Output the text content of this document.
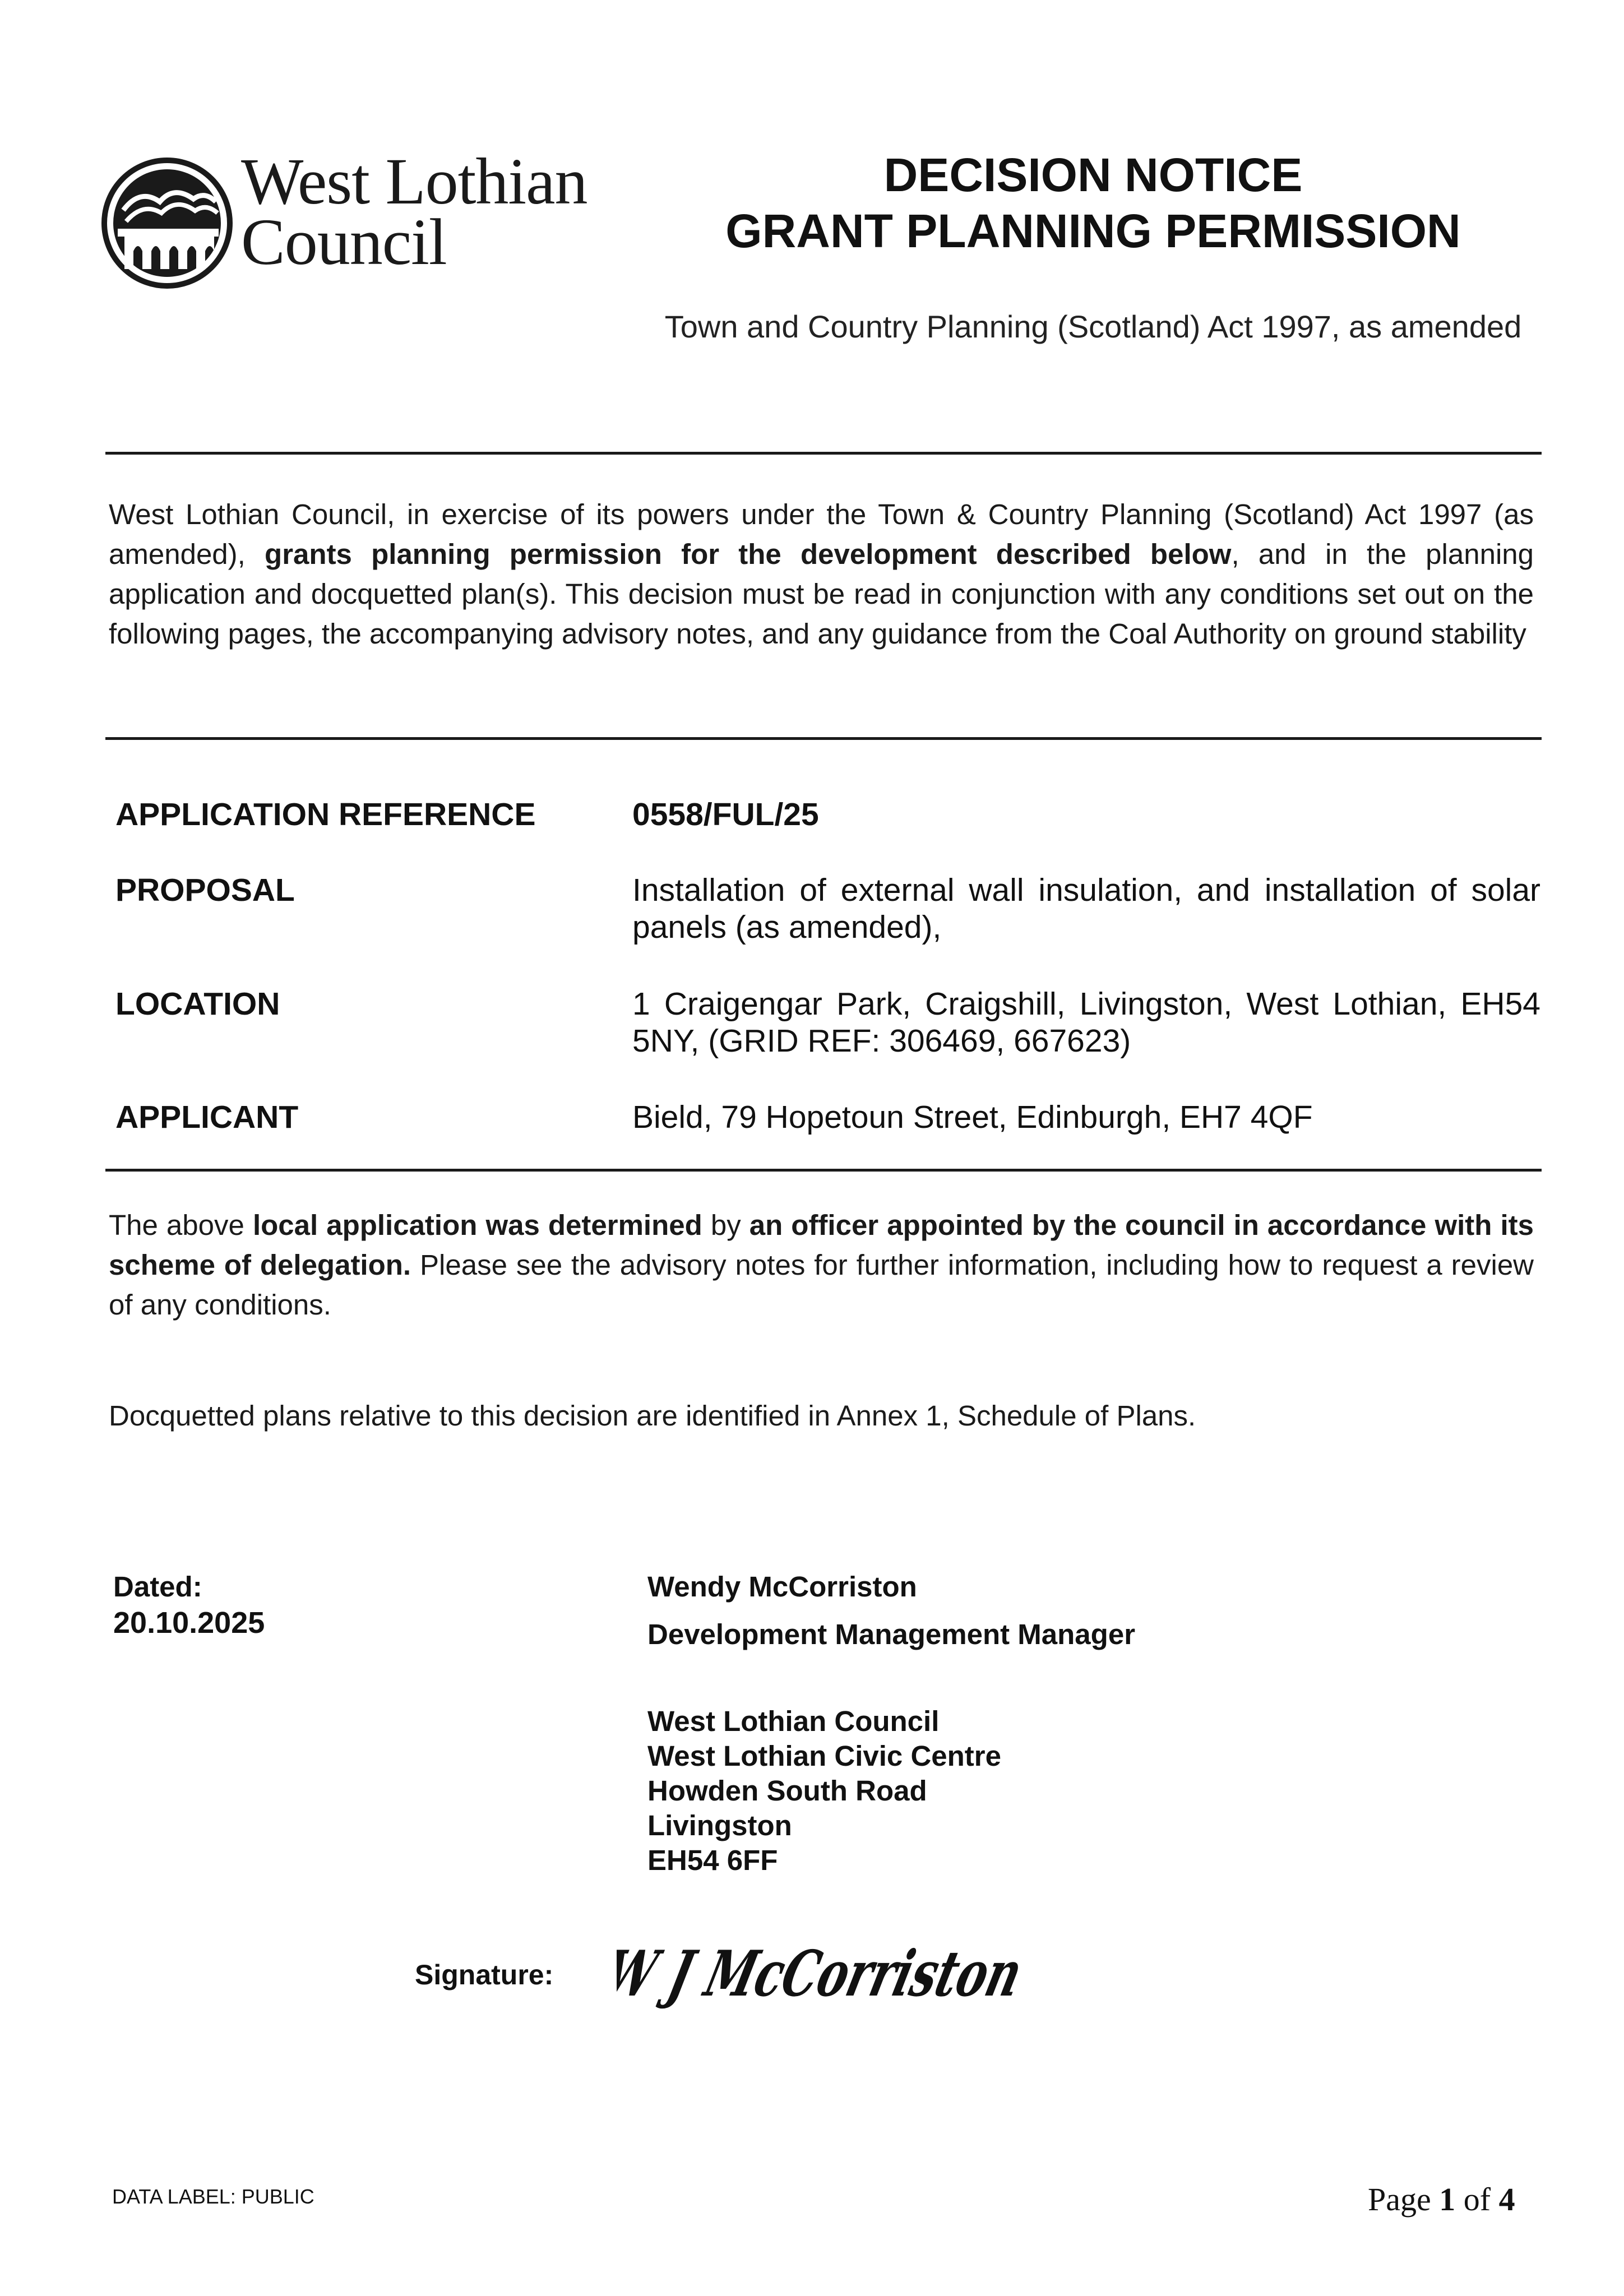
West Lothian
Council
DECISION NOTICE
GRANT PLANNING PERMISSION
Town and Country Planning (Scotland) Act 1997, as amended
West Lothian Council, in exercise of its powers under the Town & Country Planning (Scotland) Act 1997 (as amended), grants planning permission for the development described below, and in the planning application and docquetted plan(s). This decision must be read in conjunction with any conditions set out on the following pages, the accompanying advisory notes, and any guidance from the Coal Authority on ground stability
APPLICATION REFERENCE	0558/FUL/25
PROPOSAL	Installation of external wall insulation, and installation of solar panels (as amended),
LOCATION	1 Craigengar Park, Craigshill, Livingston, West Lothian, EH54 5NY, (GRID REF: 306469, 667623)
APPLICANT	Bield, 79 Hopetoun Street, Edinburgh, EH7 4QF
The above local application was determined by an officer appointed by the council in accordance with its scheme of delegation. Please see the advisory notes for further information, including how to request a review of any conditions.
Docquetted plans relative to this decision are identified in Annex 1, Schedule of Plans.
Dated:
20.10.2025
Wendy McCorriston
Development Management Manager
West Lothian Council
West Lothian Civic Centre
Howden South Road
Livingston
EH54 6FF
Signature: W J McCorriston
DATA LABEL: PUBLIC	Page 1 of 4
